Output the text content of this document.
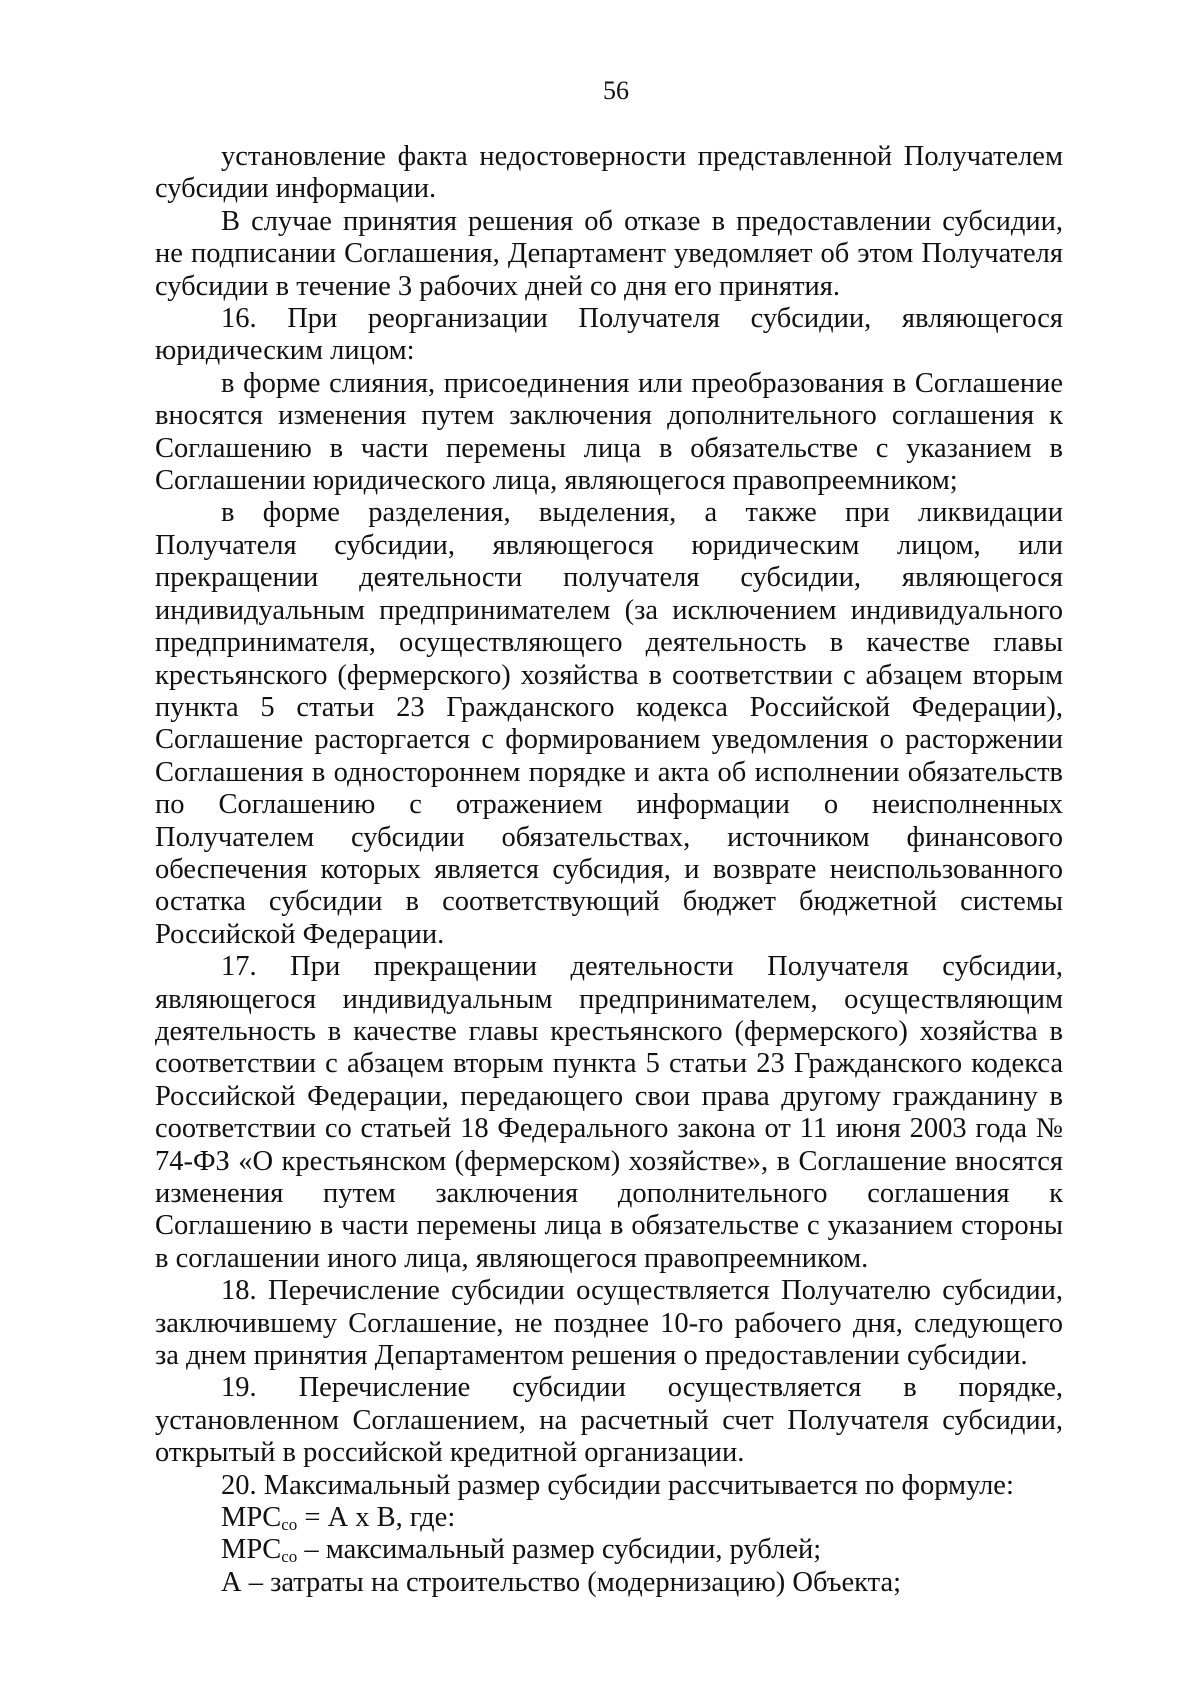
56

установление факта недостоверности представленной Получателем субсидии информации.

В случае принятия решения об отказе в предоставлении субсидии, не подписании Соглашения, Департамент уведомляет об этом Получателя субсидии в течение 3 рабочих дней со дня его принятия.

16. При реорганизации Получателя субсидии, являющегося юридическим лицом:

в форме слияния, присоединения или преобразования в Соглашение вносятся изменения путем заключения дополнительного соглашения к Соглашению в части перемены лица в обязательстве с указанием в Соглашении юридического лица, являющегося правопреемником;

в форме разделения, выделения, а также при ликвидации Получателя субсидии, являющегося юридическим лицом, или прекращении деятельности получателя субсидии, являющегося индивидуальным предпринимателем (за исключением индивидуального предпринимателя, осуществляющего деятельность в качестве главы крестьянского (фермерского) хозяйства в соответствии с абзацем вторым пункта 5 статьи 23 Гражданского кодекса Российской Федерации), Соглашение расторгается с формированием уведомления о расторжении Соглашения в одностороннем порядке и акта об исполнении обязательств по Соглашению с отражением информации о неисполненных Получателем субсидии обязательствах, источником финансового обеспечения которых является субсидия, и возврате неиспользованного остатка субсидии в соответствующий бюджет бюджетной системы Российской Федерации.

17. При прекращении деятельности Получателя субсидии, являющегося индивидуальным предпринимателем, осуществляющим деятельность в качестве главы крестьянского (фермерского) хозяйства в соответствии с абзацем вторым пункта 5 статьи 23 Гражданского кодекса Российской Федерации, передающего свои права другому гражданину в соответствии со статьей 18 Федерального закона от 11 июня 2003 года № 74-ФЗ «О крестьянском (фермерском) хозяйстве», в Соглашение вносятся изменения путем заключения дополнительного соглашения к Соглашению в части перемены лица в обязательстве с указанием стороны в соглашении иного лица, являющегося правопреемником.

18. Перечисление субсидии осуществляется Получателю субсидии, заключившему Соглашение, не позднее 10-го рабочего дня, следующего за днем принятия Департаментом решения о предоставлении субсидии.

19. Перечисление субсидии осуществляется в порядке, установленном Соглашением, на расчетный счет Получателя субсидии, открытый в российской кредитной организации.

20. Максимальный размер субсидии рассчитывается по формуле:

$MPC_{со} = А$ х В, где:

$MPC_{со}$ – максимальный размер субсидии, рублей;

А – затраты на строительство (модернизацию) Объекта;
